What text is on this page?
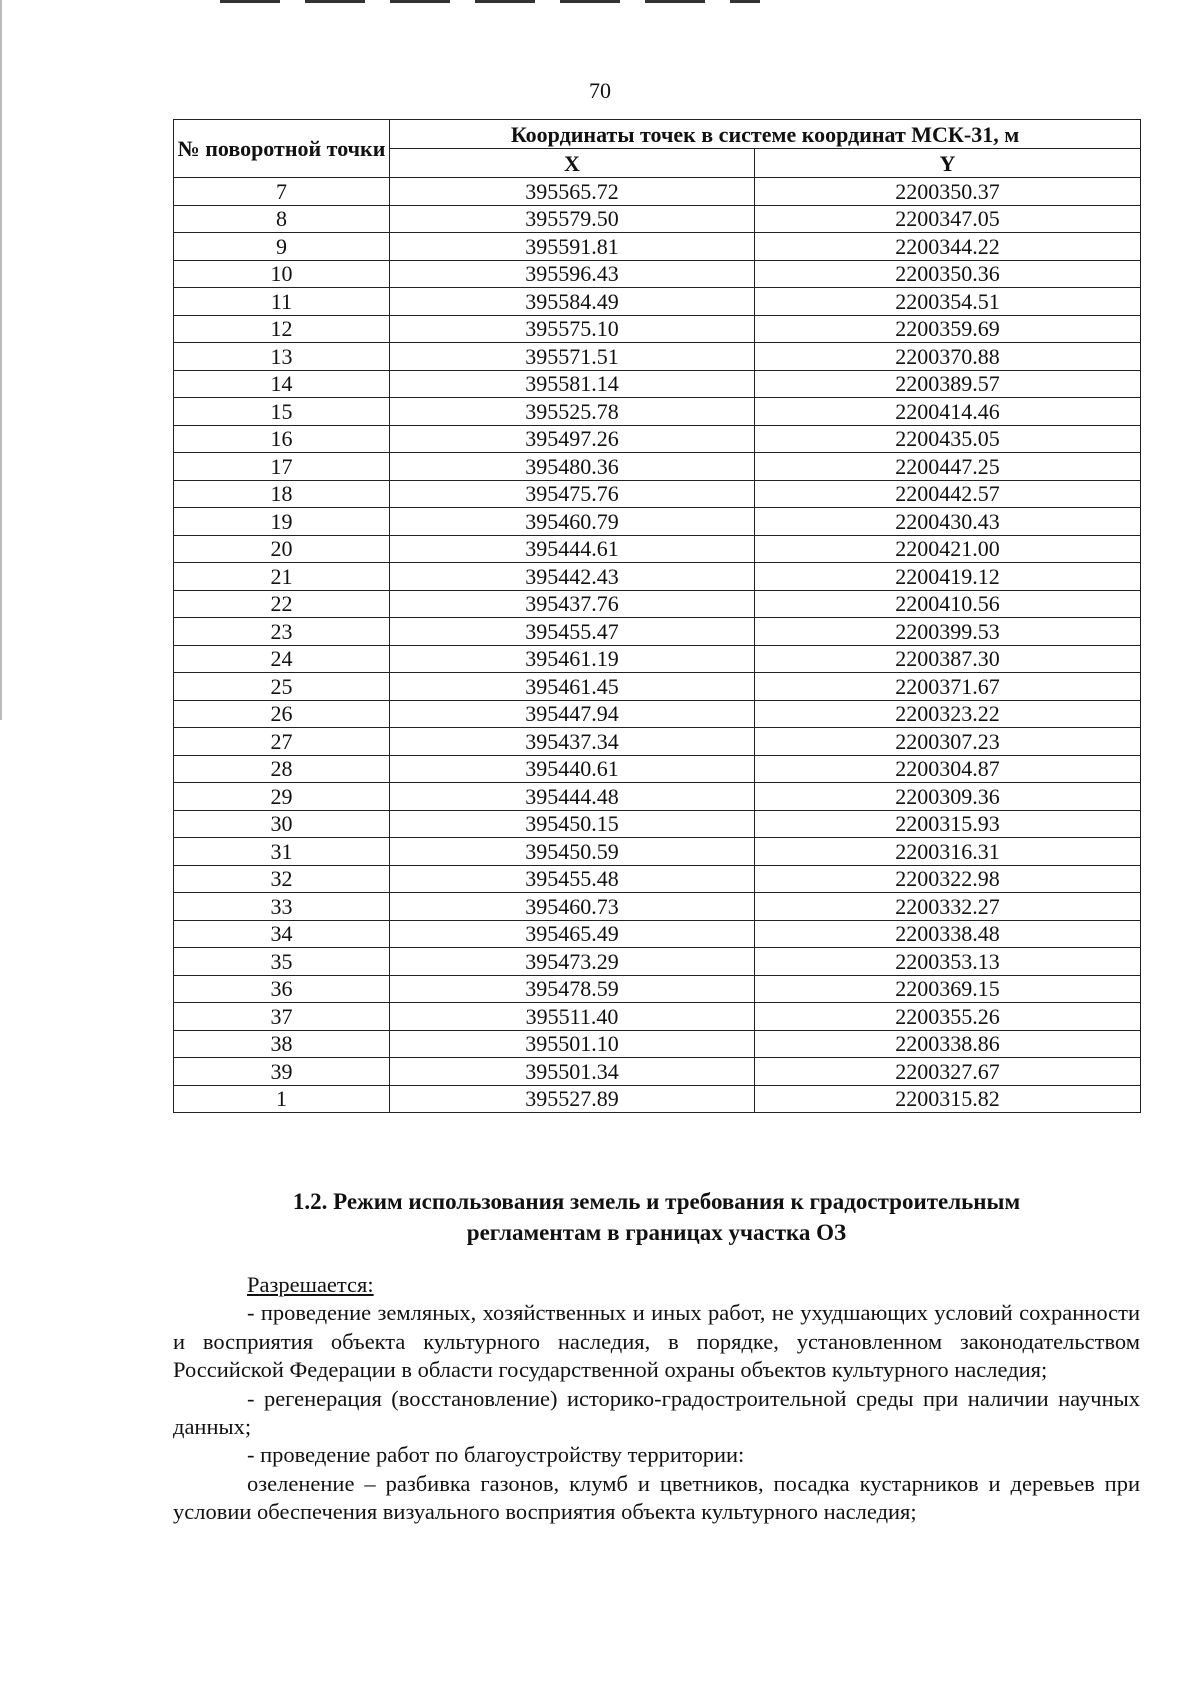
70
№ поворотной точки	Координаты точек в системе координат МСК-31, м	
	X	Y
7	395565.72	2200350.37
8	395579.50	2200347.05
9	395591.81	2200344.22
10	395596.43	2200350.36
11	395584.49	2200354.51
12	395575.10	2200359.69
13	395571.51	2200370.88
14	395581.14	2200389.57
15	395525.78	2200414.46
16	395497.26	2200435.05
17	395480.36	2200447.25
18	395475.76	2200442.57
19	395460.79	2200430.43
20	395444.61	2200421.00
21	395442.43	2200419.12
22	395437.76	2200410.56
23	395455.47	2200399.53
24	395461.19	2200387.30
25	395461.45	2200371.67
26	395447.94	2200323.22
27	395437.34	2200307.23
28	395440.61	2200304.87
29	395444.48	2200309.36
30	395450.15	2200315.93
31	395450.59	2200316.31
32	395455.48	2200322.98
33	395460.73	2200332.27
34	395465.49	2200338.48
35	395473.29	2200353.13
36	395478.59	2200369.15
37	395511.40	2200355.26
38	395501.10	2200338.86
39	395501.34	2200327.67
1	395527.89	2200315.82
1.2. Режим использования земель и требования к градостроительным
регламентам в границах участка ОЗ

Разрешается:

- проведение земляных, хозяйственных и иных работ, не ухудшающих условий сохранности и восприятия объекта культурного наследия, в порядке, установленном законодательством Российской Федерации в области государственной охраны объектов культурного наследия;

- регенерация (восстановление) историко-градостроительной среды при наличии научных данных;

- проведение работ по благоустройству территории:

озеленение – разбивка газонов, клумб и цветников, посадка кустарников и деревьев при условии обеспечения визуального восприятия объекта культурного наследия;
